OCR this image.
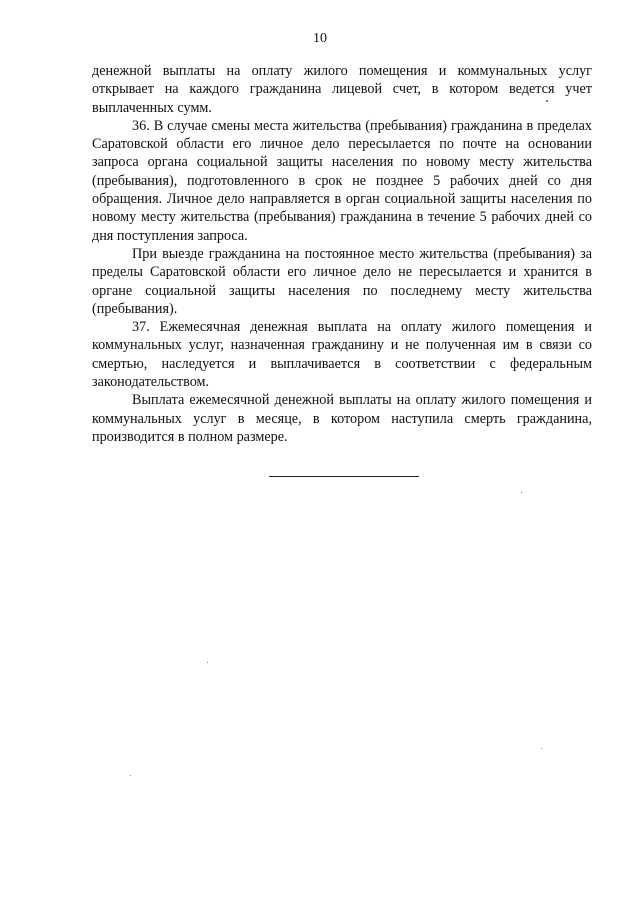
10

денежной выплаты на оплату жилого помещения и коммунальных услуг открывает на каждого гражданина лицевой счет, в котором ведется учет выплаченных сумм.

36. В случае смены места жительства (пребывания) гражданина в пределах Саратовской области его личное дело пересылается по почте на основании запроса органа социальной защиты населения по новому месту жительства (пребывания), подготовленного в срок не позднее 5 рабочих дней со дня обращения. Личное дело направляется в орган социальной защиты населения по новому месту жительства (пребывания) гражданина в течение 5 рабочих дней со дня поступления запроса.

При выезде гражданина на постоянное место жительства (пребывания) за пределы Саратовской области его личное дело не пересылается и хранится в органе социальной защиты населения по последнему месту жительства (пребывания).

37. Ежемесячная денежная выплата на оплату жилого помещения и коммунальных услуг, назначенная гражданину и не полученная им в связи со смертью, наследуется и выплачивается в соответствии с федеральным законодательством.

Выплата ежемесячной денежной выплаты на оплату жилого помещения и коммунальных услуг в месяце, в котором наступила смерть гражданина, производится в полном размере.
